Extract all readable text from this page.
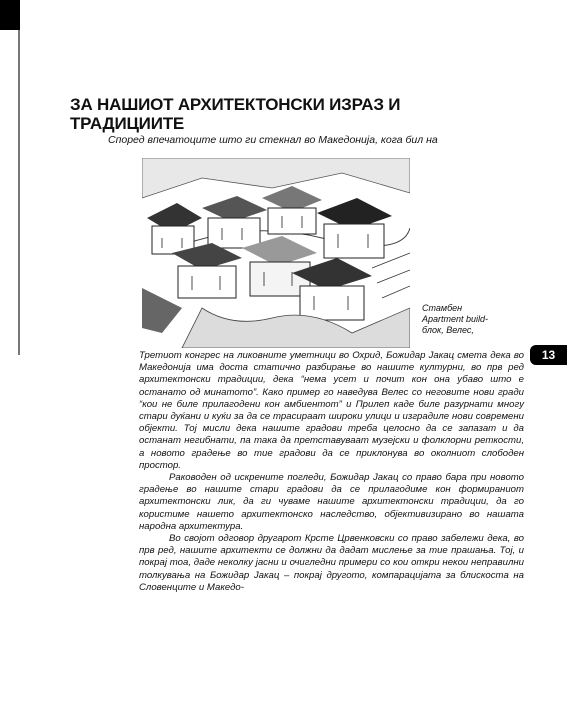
ЗА НАШИОТ АРХИТЕКТОНСКИ ИЗРАЗ И ТРАДИЦИИТЕ
Според впечатоците што ги стекнал во Македонија, кога бил на
Стамбен
Apartment build-
блок, Велес,
13

Третиот конгрес на ликовните уметници во Охрид, Божидар Јакац смета дека во Македонија има доста статично разбирање во нашите културни, во прв ред архитектонски традиции, дека “нема усет и почит кон она убаво што е останато од минатото”. Како пример го наведува Велес со неговите нови гради “кои не биле прилагодени кон амбиентот” и Прилеп каде биле разурнати многу стари дуќани и куќи за да се трасираат широки улици и изградиле нови современи објекти. Тој мисли дека нашите градови треба целосно да се запазат и да останат негибнати, па така да претставуваат музејски и фолклорни реткости, а новото градење во тие градови да се приклонува во околниот слободен простор.

Раководен од искрените погледи, Божидар Јакац со право бара при новото градење во нашите стари градови да се прилагодиме кон формираниот архитектонски лик, да ги чуваме нашите архитектонски традиции, да го користиме нашето архитектонско наследство, објективизирано во нашата народна архитектура.

Во својот одговор другарот Крсте Црвенковски со право забележи дека, во прв ред, нашите архитекти се должни да дадат мислење за тие прашања. Тој, и покрај тоа, даде неколку јасни и очигледни примери со кои откри некои неправилни толкувања на Божидар Јакац – покрај другото, компарацијата за блискоста на Словенците и Македо-
